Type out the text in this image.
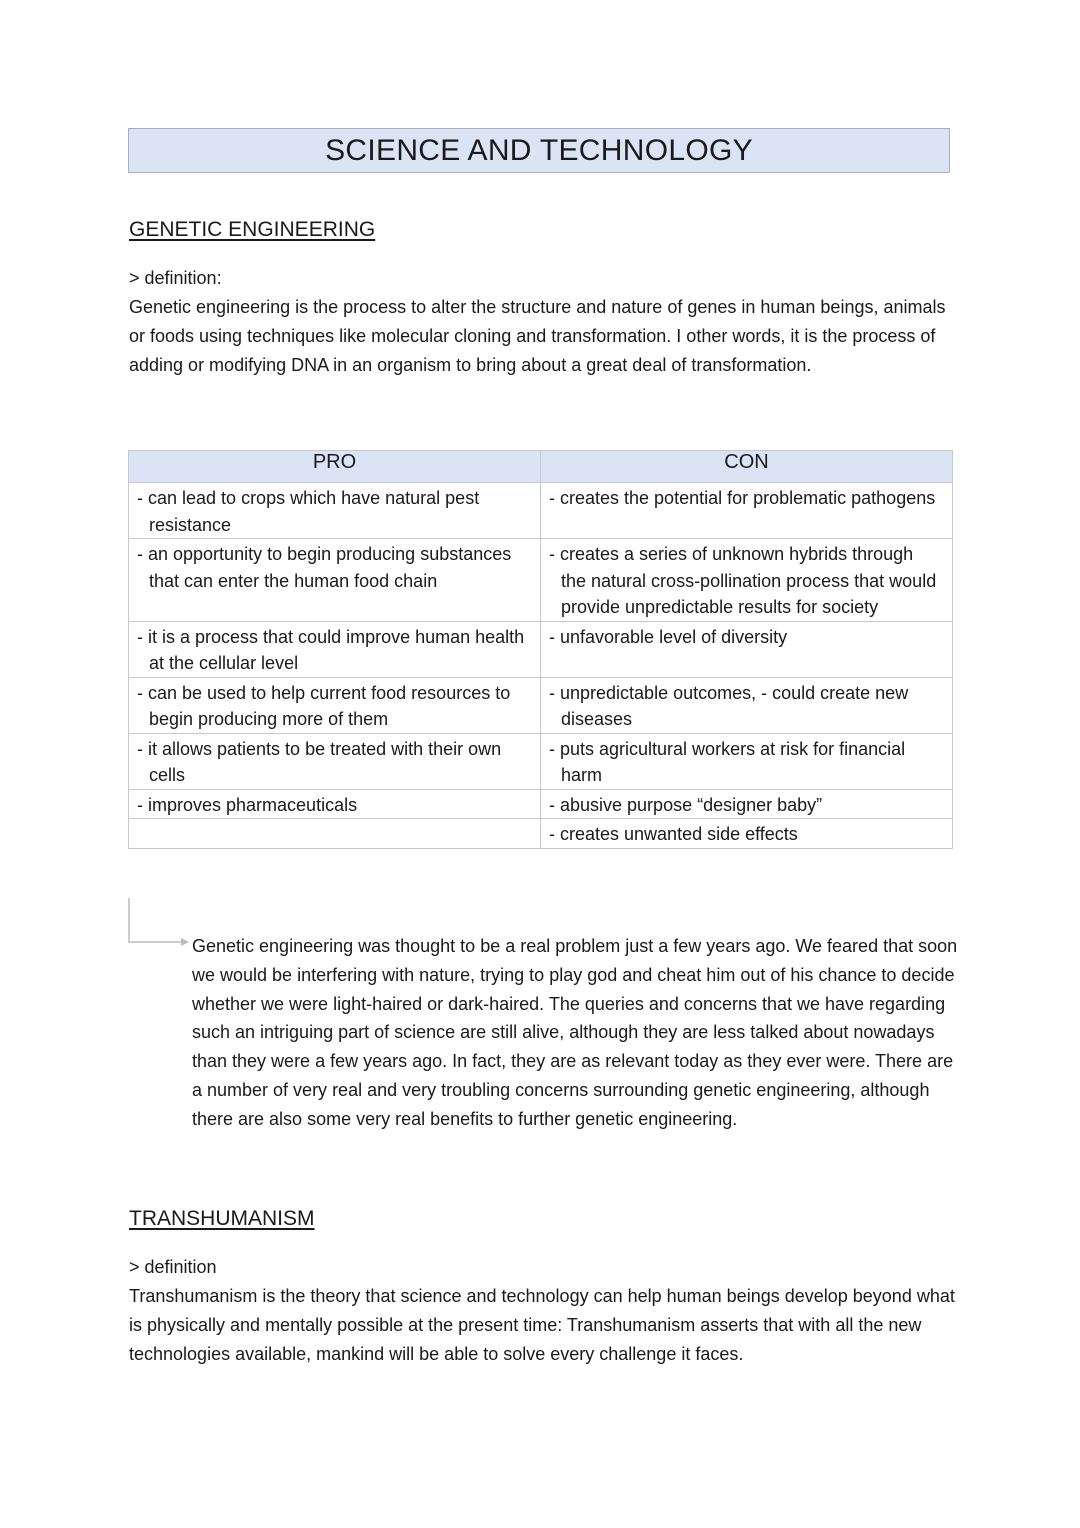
SCIENCE AND TECHNOLOGY
GENETIC ENGINEERING

> definition:
Genetic engineering is the process to alter the structure and nature of genes in human beings, animals or foods using techniques like molecular cloning and transformation. I other words, it is the process of adding or modifying DNA in an organism to bring about a great deal of transformation.

PRO	CON

- can lead to crops which have natural pest resistance	- creates the potential for problematic pathogens

- an opportunity to begin producing substances that can enter the human food chain	- creates a series of unknown hybrids through the natural cross-pollination process that would provide unpredictable results for society

- it is a process that could improve human health at the cellular level	- unfavorable level of diversity

- can be used to help current food resources to begin producing more of them	- unpredictable outcomes, - could create new diseases

- it allows patients to be treated with their own cells	- puts agricultural workers at risk for financial harm

- improves pharmaceuticals	- abusive purpose “designer baby”

	- creates unwanted side effects

Genetic engineering was thought to be a real problem just a few years ago. We feared that soon we would be interfering with nature, trying to play god and cheat him out of his chance to decide whether we were light-haired or dark-haired. The queries and concerns that we have regarding such an intriguing part of science are still alive, although they are less talked about nowadays than they were a few years ago. In fact, they are as relevant today as they ever were. There are a number of very real and very troubling concerns surrounding genetic engineering, although there are also some very real benefits to further genetic engineering.

TRANSHUMANISM

> definition
Transhumanism is the theory that science and technology can help human beings develop beyond what is physically and mentally possible at the present time: Transhumanism asserts that with all the new technologies available, mankind will be able to solve every challenge it faces.
